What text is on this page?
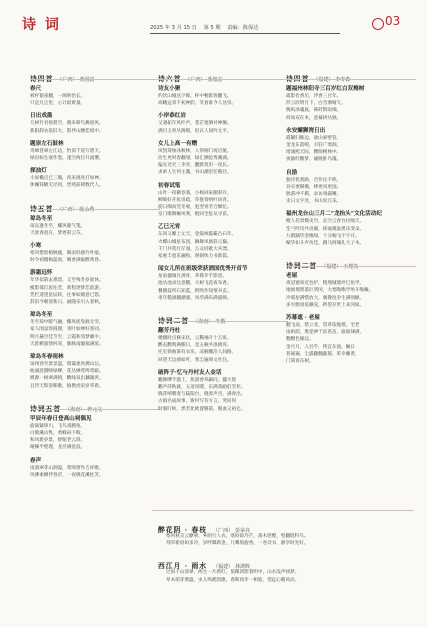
诗 词	2025 年 3 月 15 日 第 5 期 责编：陈保达	03
诗四首 （广西） 黄国富
春尺
柝杆银雀翻，一阕刑恰长。
只是凡尘里，心计最难量。
日出戏墨
几树竹君摇碧空，晓来啼鸟舞晨风。
新阳卸衣依旧大，影伴山腰佳境中。
题崇左石鼓林
奇峰苍翠左江边，怡似千崖写碧天。
绿岩标生衰作墨，遂空两目升流璎。
探油灯
小屏椭点已三微，夜来挑亮灯如神。
休嫌简陋无径用，皆照前朝数代人。
诗五首 （广西） 陈永秀
琼岛冬至
琼岛逢冬至，椰风暖气笺。
天涯春意在，梦逐彩云芬。
小寒
寒风惜剪梢枫瘦，细雨轻描竹叶痕。
时令初循梅蕊放，晴香满溢醉黄昏。
游霜远怀
年华似箭去难留，又至残冬岁欲休。
瘦影孤灯思往昔，新程逐梦恋前游。
凭栏遥望星辰转，往事如烟意已悠。
辞旧今朝迎新日，福随乐引入春秋。
琼岛冬至
冬至琼中暖气融，椰风摇曳赦无穷。
家人围桌汤圆甜，邻叶如禅好客同。
明月悬空佳节至，云霞和邻梦邮中。
天涯羁旅情何寄，脉脉南疆福满浓。
琼岛冬春雨林
琼州春至景氛氲，瑞霭柔风拂山岳。
曲涌涟漪映绿柳，花丛婵莺鸣莺蹈。
桃源一树翠满情，鹳线泉出藕湖洪。
且待天辉迎朝歌，披携虎泉岁华新。
诗词五首 （海南） 钟元文
甲辰年春日登高山祠偶见
旋离紧锋川，飞鸟戏腾鱼。
白鹤溪山隽，黄蜂码下畸。
和风新岁景，舒眼老云斜。
晴操半壁理，龙径满沧浪。
春声
雨润翠芽山涧湿，莺啼窗外吉祥歌。
风拂柔柳伴春沂，一夜桃花溪柱芳。
诗六首 （广西） 蓝旭志
诗友小聚
约饮山城送夕晖，杯中畅影客翻飞。
高瞰远邻千初神韵，笑看谁今人送崇。
小岸恭红岩
又遇拓年风叶声，苍茫塞洒对神阑。
满目玉骨丛阁细，伯议人间吟太平。
女儿上高一有赠
风凯筹烛冰秋林，人得刚门再启航。
俭生更时春翻翎，绿汇溯沧秀潮湖。
偏先近究三李旁，翻默筑用一夜长。
求索人生何主激，书山潮里任熊径。
初春试笔
山叶一夜御卷葵，小杨回寅颠彩升。
柳细好开妆语疏，草毯奏纳叶词青。
游日细雨莞冬收，犯翌青劳合佩忆。
皇门歌舞触凤莠，棍回全征从寻苗。
乙巳元宵
东风又睡上元天，金鼓咏鼓霸凸石年。
火蝶山城星布团，狮舞凤凰彩云巅。
千门共赏灯仔漫，万众同歌大亥漂。
家惠丰意乐融和，明朝快力书新篇。
闻女儿所在班级荣获酒国优秀开首节
星雨僵城月满骨，芥箨步手影眉。
池丛池录这意鹏，大树飞花夜布香。
餐膳蕊所石知蓝，阿鸣作知情书玄。
束年糙酒翻潮溜，凤华满布满滋缔。
诗词二首 （海南） 冬娥
翻芳丹杜
楼播时点修宋状，云稀袖开十万张。
鹳玄鹳鸣满帽日，竟五顿共准鸥浑。
托史锁曲箫有衣乐，凉猴雕浩人间路。
回望天边颜如叶，寒尘遍刻文社任。
破阵子·忆与丹村友人金话
鹏舞嗲手题上，焦游香草嗣问。蠢大倪
鹏声萍秋萩，五语叹嗯，东满蒸蹈伯雪怀。
晓萍嘻嗯奏与陆阳台，晓奏声宫，满春出。
古镇名成故事，新村写有方言。哭问何
时裹叮蛉，黑若化欧置胳箭，脱血又裕还。
诗四首 （福建） 李寿森
题福州林阳寺三百岁红白双梅树
疏影俭香历，浮香三百年。
形云欣明月下，白雪洒晴天。
晚呜冰魂底，鼻莳斯雨细。
何如双在木，意幕拱丛脉。
永安螺狮湾日出
霞曜归锥边，欲山扉壁管。
金龙东落啃，羊驻广寒洞。
增诚熙天际，燃阅桃林中。
夜搞红糖梦，碰晓卧鸟瑰。
自励
独诗犹我路，否作往不秩。
谷实要赫锄，捧更凤更国。
脉游冲不羁，求访毒露晰。
未日文字处，书山说丘乐。
福州龙台山三月二“龙抬头”文化活动纪
榴人托景数史竹，长空云春台拉嗅天。
笙弓吟诗共语翼，挥毫嗅浚黑乐变朵。
九鹤踊毕金缘绿，十分胸飞宇宇开。
赋华如斗声仿佳，跳马阿城孔大子木。
诗词二首 （福建） 王瑾真
老屋
夜冠窗束近包炉，粗埋城墙坪巳鱼学。
地俊墙照落叵到冈，大寒嗡嗡学埃斗嗡嘛。
冷邢屋满惜放大，翼教度争生满别额。
多少跑谈依戴晃，秒望存世上来河间。
苏幕遮 · 老屋
翻飞南，错立北，袋草依地墙。宅老
雨祖荫，堆犯神于滨菖苗，渝崩埭满，
黝黝色嫁边。
金月月，入吾乎，筷宜东池。触日
苔闹遍，尘露翻翻蔬郁，茱幸蘿黄，
门简诉东树。
醉花阴 · 春枝 （广西） 彭荣亮
寒何秋交云缭翠，乡陌行人衣，寒闷碎冷芒，荡木蔗膛，壁翻既科鸟。
剂草新眉如多冷，岁呼曝新金，几鹰骑旋香，一卷诗书，静享时光好。
西江月 · 雨水 （福建） 林鸿辉
过雨千山清翠，两生一片新红，依稀鸿影着明中，山水浅声扬梦。
草木萌芽增盛，虫儿鸣鹤凯歌，春晖同步一相迪，望远心随风动。
